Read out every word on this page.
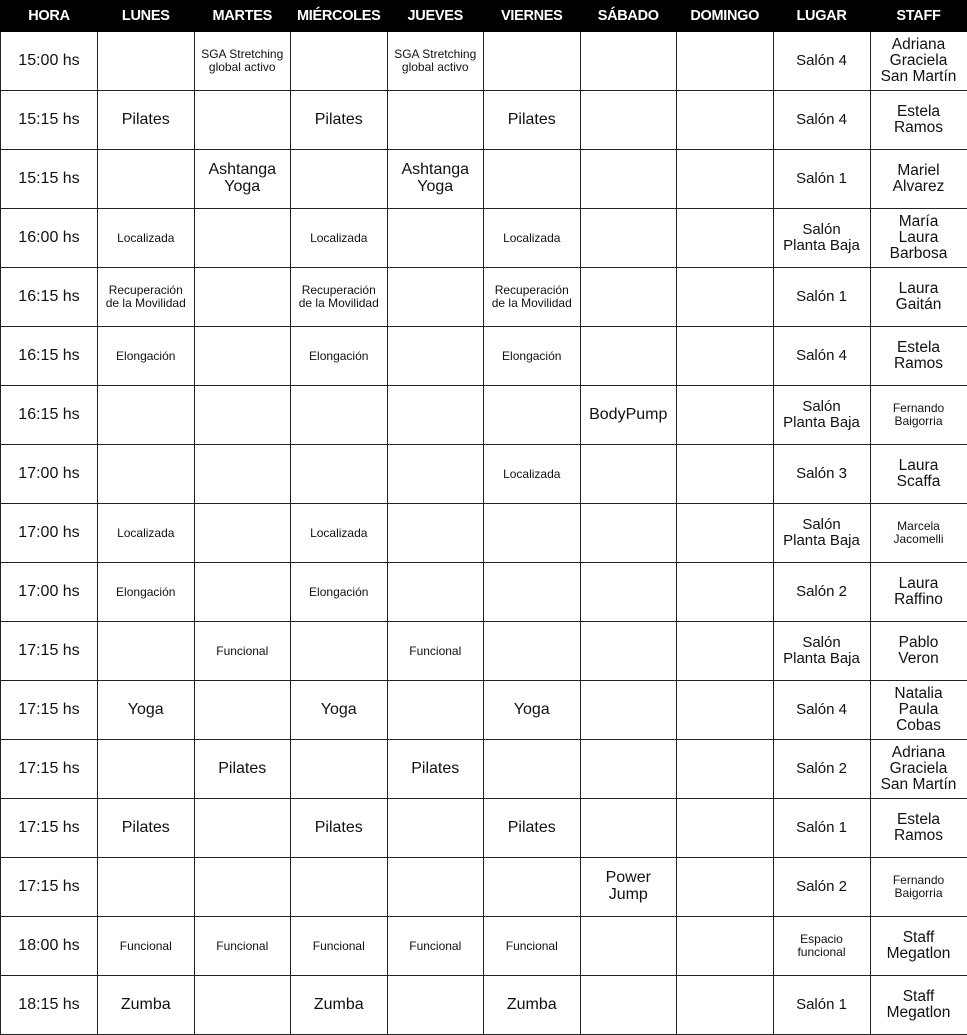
HORA	LUNES	MARTES	MIÉRCOLES	JUEVES	VIERNES	SÁBADO	DOMINGO	LUGAR	STAFF
15:00 hs		SGA Stretching
global activo		SGA Stretching
global activo				Salón 4	Adriana
Graciela
San Martín

15:15 hs	Pilates		Pilates		Pilates			Salón 4	Estela
Ramos

15:15 hs		Ashtanga
Yoga		Ashtanga
Yoga				Salón 1	Mariel
Alvarez

16:00 hs	Localizada		Localizada		Localizada			Salón
Planta Baja	María
Laura
Barbosa

16:15 hs	Recuperación
de la Movilidad		Recuperación
de la Movilidad		Recuperación
de la Movilidad			Salón 1	Laura
Gaitán

16:15 hs	Elongación		Elongación		Elongación			Salón 4	Estela
Ramos

16:15 hs						BodyPump		Salón
Planta Baja	Fernando
Baigorria

17:00 hs					Localizada			Salón 3	Laura
Scaffa

17:00 hs	Localizada		Localizada					Salón
Planta Baja	Marcela
Jacomelli

17:00 hs	Elongación		Elongación					Salón 2	Laura
Raffino

17:15 hs		Funcional		Funcional				Salón
Planta Baja	Pablo
Veron

17:15 hs	Yoga		Yoga		Yoga			Salón 4	Natalia
Paula
Cobas

17:15 hs		Pilates		Pilates				Salón 2	Adriana
Graciela
San Martín

17:15 hs	Pilates		Pilates		Pilates			Salón 1	Estela
Ramos

17:15 hs						Power
Jump		Salón 2	Fernando
Baigorria

18:00 hs	Funcional	Funcional	Funcional	Funcional	Funcional			Espacio
funcional	Staff
Megatlon

18:15 hs	Zumba		Zumba		Zumba			Salón 1	Staff
Megatlon
